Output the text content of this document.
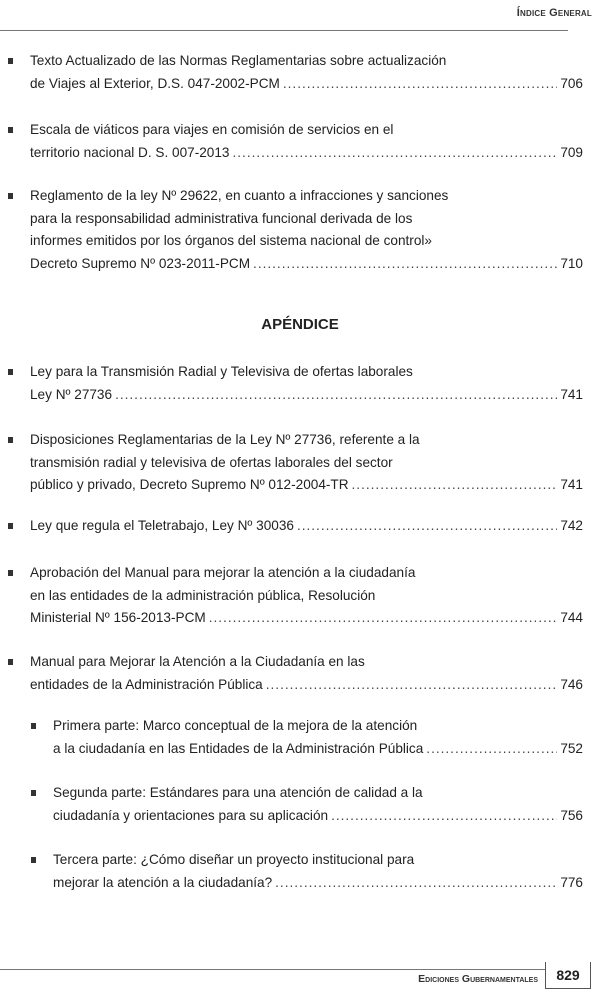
Índice General
Texto Actualizado de las Normas Reglamentarias sobre actualización
de Viajes al Exterior, D.S. 047-2002-PCM .....	706
Escala de viáticos para viajes en comisión de servicios en el
territorio nacional D. S. 007-2013 .....	709
Reglamento de la ley Nº 29622, en cuanto a infracciones y sanciones
para la responsabilidad administrativa funcional derivada de los
informes emitidos por los órganos del sistema nacional de control»
Decreto Supremo Nº 023-2011-PCM .....	710
APÉNDICE
Ley para la Transmisión Radial y Televisiva de ofertas laborales
Ley Nº 27736 .....	741
Disposiciones Reglamentarias de la Ley Nº 27736, referente a la
transmisión radial y televisiva de ofertas laborales del sector
público y privado, Decreto Supremo Nº 012-2004-TR .....	741
Ley que regula el Teletrabajo, Ley Nº 30036 .....	742
Aprobación del Manual para mejorar la atención a la ciudadanía
en las entidades de la administración pública, Resolución
Ministerial Nº 156-2013-PCM .....	744
Manual para Mejorar la Atención a la Ciudadanía en las
entidades de la Administración Pública .....	746
Primera parte: Marco conceptual de la mejora de la atención
a la ciudadanía en las Entidades de la Administración Pública .....	752
Segunda parte: Estándares para una atención de calidad a la
ciudadanía y orientaciones para su aplicación .....	756
Tercera parte: ¿Cómo diseñar un proyecto institucional para
mejorar la atención a la ciudadanía? .....	776
Ediciones Gubernamentales	829
